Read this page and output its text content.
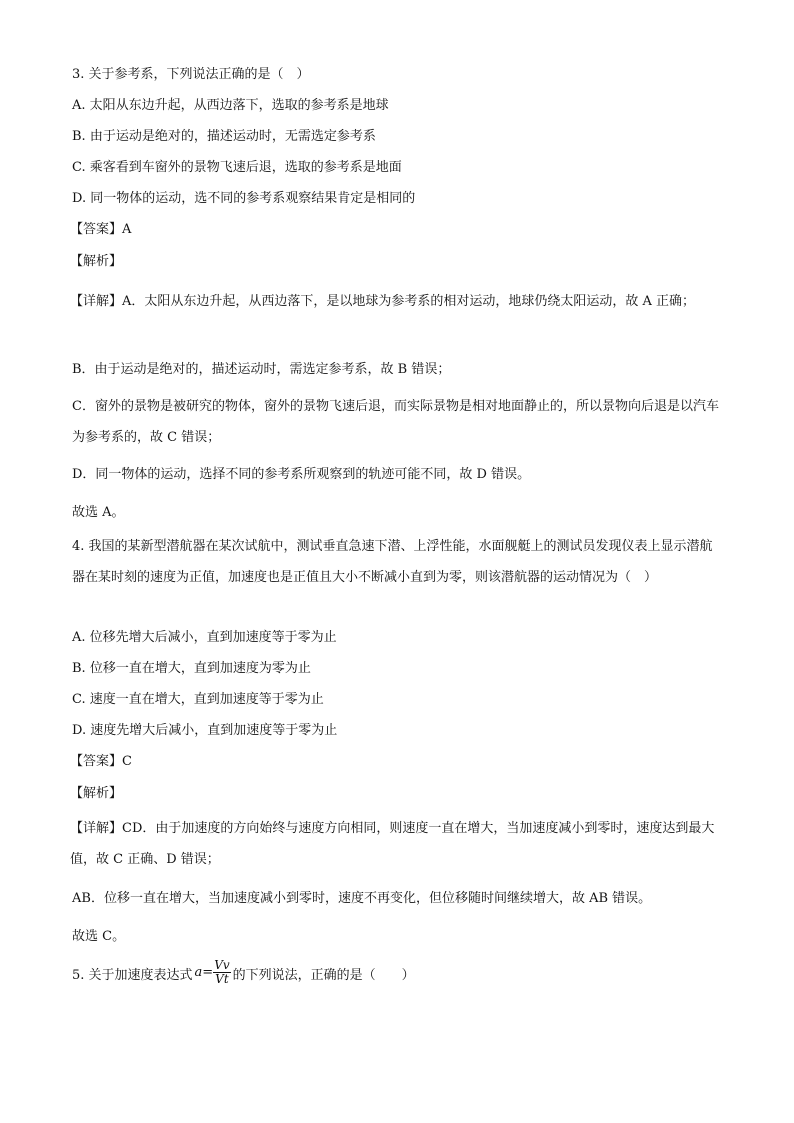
3. 关于参考系，下列说法正确的是（　）
A. 太阳从东边升起，从西边落下，选取的参考系是地球
B. 由于运动是绝对的，描述运动时，无需选定参考系
C. 乘客看到车窗外的景物飞速后退，选取的参考系是地面
D. 同一物体的运动，选不同的参考系观察结果肯定是相同的
【答案】A
【解析】
【详解】A．太阳从东边升起，从西边落下，是以地球为参考系的相对运动，地球仍绕太阳运动，故 A 正确；
B．由于运动是绝对的，描述运动时，需选定参考系，故 B 错误；
C．窗外的景物是被研究的物体，窗外的景物飞速后退，而实际景物是相对地面静止的，所以景物向后退是以汽车为参考系的，故 C 错误；
D．同一物体的运动，选择不同的参考系所观察到的轨迹可能不同，故 D 错误。
故选 A。
4. 我国的某新型潜航器在某次试航中，测试垂直急速下潜、上浮性能，水面舰艇上的测试员发现仪表上显示潜航器在某时刻的速度为正值，加速度也是正值且大小不断减小直到为零，则该潜航器的运动情况为（　）
A. 位移先增大后减小，直到加速度等于零为止
B. 位移一直在增大，直到加速度为零为止
C. 速度一直在增大，直到加速度等于零为止
D. 速度先增大后减小，直到加速度等于零为止
【答案】C
【解析】
【详解】CD．由于加速度的方向始终与速度方向相同，则速度一直在增大，当加速度减小到零时，速度达到最大值，故 C 正确、D 错误；
AB．位移一直在增大，当加速度减小到零时，速度不再变化，但位移随时间继续增大，故 AB 错误。
故选 C。
5. 关于加速度表达式 $a= \frac{Vv}{Vt}$ 的下列说法，正确的是（　　）
